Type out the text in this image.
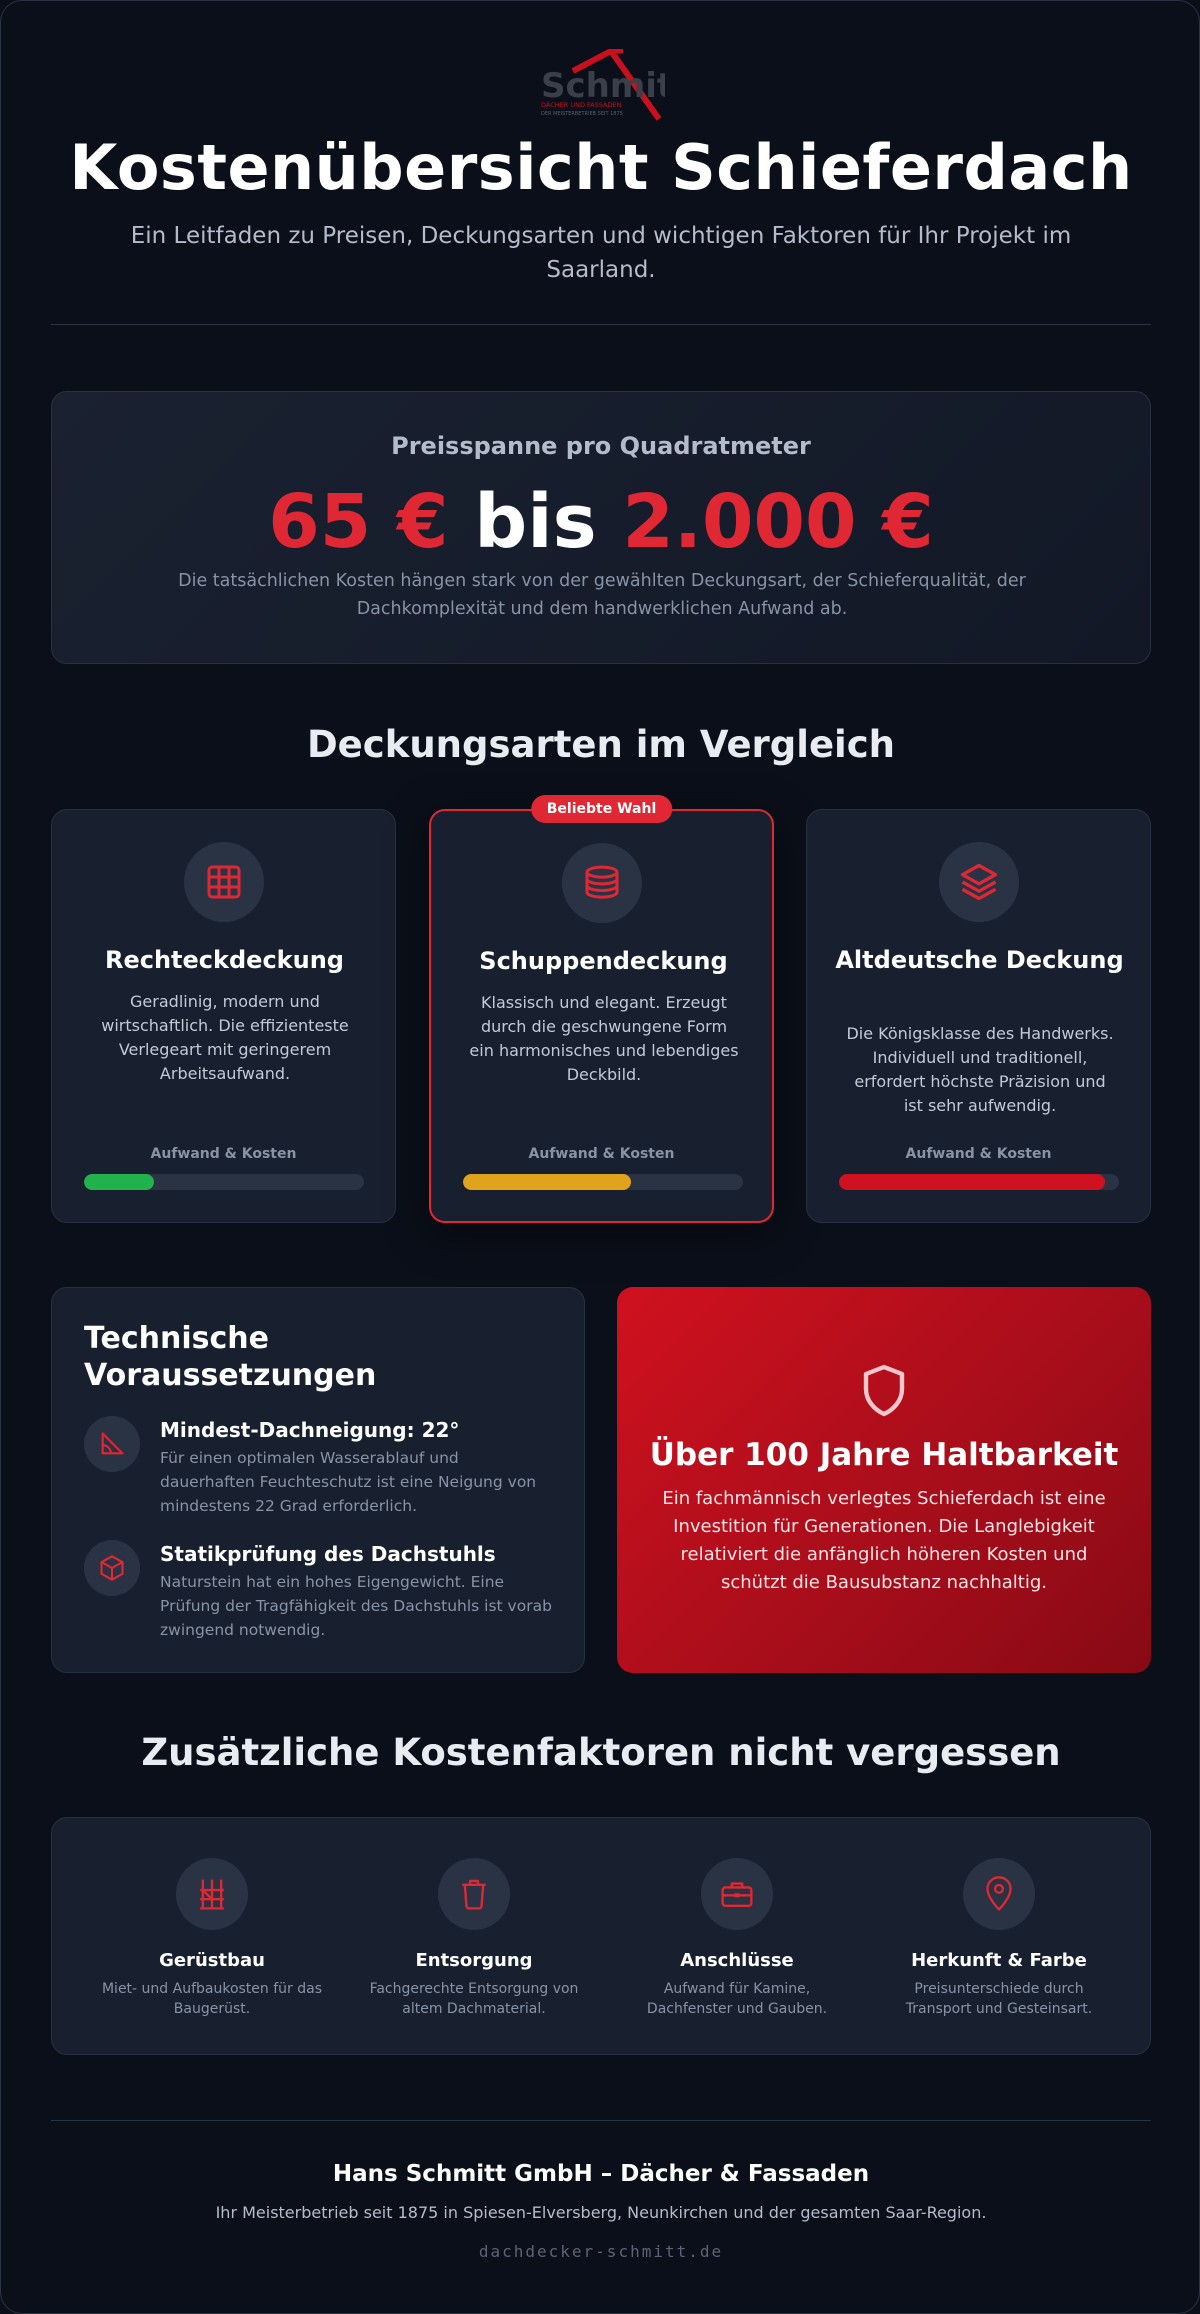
Schmi
DÄCHER UND FASSADEN
DER MEISTERBETRIEB SEIT 1875
Kostenübersicht Schieferdach
Ein Leitfaden zu Preisen, Deckungsarten und wichtigen Faktoren für Ihr Projekt im Saarland.
Preisspanne pro Quadratmeter
65 € bis 2.000 €
Die tatsächlichen Kosten hängen stark von der gewählten Deckungsart, der Schieferqualität, der Dachkomplexität und dem handwerklichen Aufwand ab.
Deckungsarten im Vergleich
Rechteckdeckung
Geradlinig, modern und wirtschaftlich. Die effizienteste Verlegeart mit geringerem Arbeitsaufwand.
Aufwand & Kosten
Beliebte Wahl
Schuppendeckung
Klassisch und elegant. Erzeugt durch die geschwungene Form ein harmonisches und lebendiges Deckbild.
Aufwand & Kosten
Altdeutsche Deckung
Die Königsklasse des Handwerks. Individuell und traditionell, erfordert höchste Präzision und ist sehr aufwendig.
Aufwand & Kosten
Technische Voraussetzungen
Mindest-Dachneigung: 22°
Für einen optimalen Wasserablauf und dauerhaften Feuchteschutz ist eine Neigung von mindestens 22 Grad erforderlich.
Statikprüfung des Dachstuhls
Naturstein hat ein hohes Eigengewicht. Eine Prüfung der Tragfähigkeit des Dachstuhls ist vorab zwingend notwendig.
Über 100 Jahre Haltbarkeit
Ein fachmännisch verlegtes Schieferdach ist eine Investition für Generationen. Die Langlebigkeit relativiert die anfänglich höheren Kosten und schützt die Bausubstanz nachhaltig.
Zusätzliche Kostenfaktoren nicht vergessen
Gerüstbau
Miet- und Aufbaukosten für das Baugerüst.
Entsorgung
Fachgerechte Entsorgung von altem Dachmaterial.
Anschlüsse
Aufwand für Kamine, Dachfenster und Gauben.
Herkunft & Farbe
Preisunterschiede durch Transport und Gesteinsart.
Hans Schmitt GmbH – Dächer & Fassaden
Ihr Meisterbetrieb seit 1875 in Spiesen-Elversberg, Neunkirchen und der gesamten Saar-Region.
dachdecker-schmitt.de
